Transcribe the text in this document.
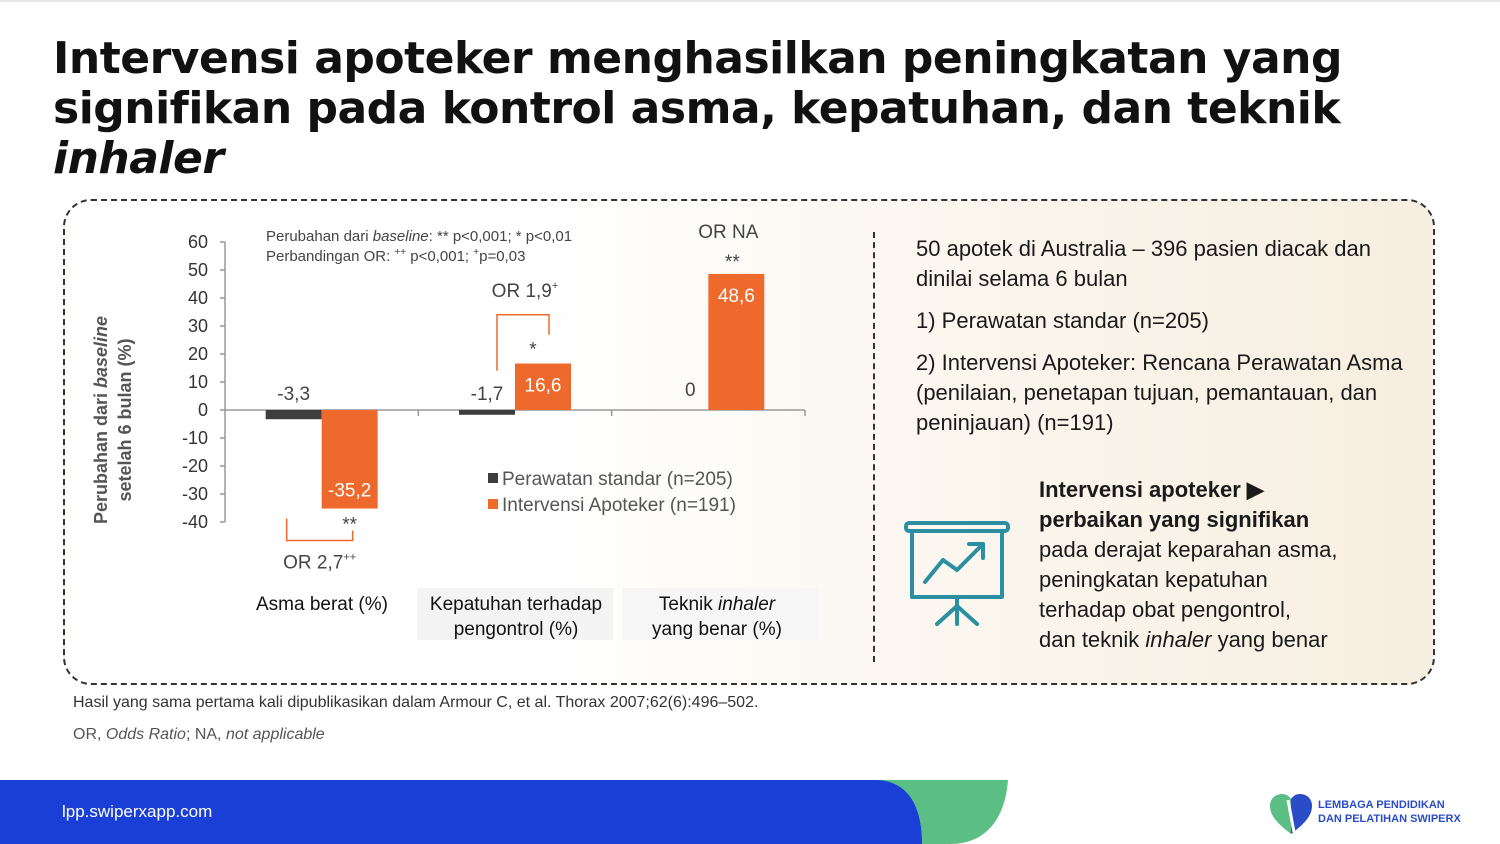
Intervensi apoteker menghasilkan peningkatan yang
signifikan pada kontrol asma, kepatuhan, dan teknik inhaler
Perubahan dari baseline setelah 6 bulan (%)
Perubahan dari baseline: ** p<0,001; * p<0,01
Perbandingan OR: ++ p<0,001; +p=0,03
60
50
40
30
20
10
0
-10
-20
-30
-40
-3,3
-35,2
-1,7 16,6	0
48,6
**
OR 2,7++
*
OR 1,9+
**
OR NA
Perawatan standar (n=205)
Intervensi Apoteker (n=191)
Asma berat (%) Kepatuhan terhadap
pengontrol (%)
Teknik inhaler
yang benar (%)
50 apotek di Australia – 396 pasien diacak dan dinilai selama 6 bulan
1) Perawatan standar (n=205)
2) Intervensi Apoteker: Rencana Perawatan Asma (penilaian, penetapan tujuan, pemantauan, dan peninjauan) (n=191)
Intervensi apoteker ▶
perbaikan yang signifikan
pada derajat keparahan asma,
peningkatan kepatuhan
terhadap obat pengontrol,
dan teknik inhaler yang benar
Hasil yang sama pertama kali dipublikasikan dalam Armour C, et al. Thorax 2007;62(6):496–502.
OR, Odds Ratio; NA, not applicable
lpp.swiperxapp.com	LEMBAGA PENDIDIKAN
DAN PELATIHAN SWIPERX
